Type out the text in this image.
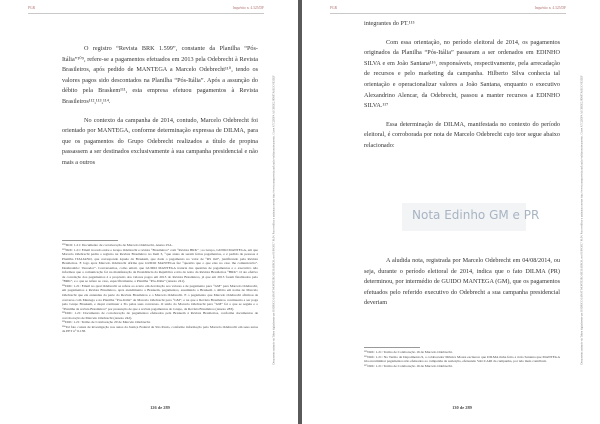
PGR	Inquérito n. 4.325/DF

O registro “Revista BRK 1.599”, constante da Planilha “Pós-Itália”¹⁰⁹, refere-se a pagamentos efetuados em 2013 pela Odebrecht à Revista Brasileiros, após pedido de MANTEGA a Marcelo Odebrecht¹¹⁰, tendo os valores pagos sido descontados na Planilha “Pós-Itália”. Após a assunção do débito pela Braskem¹¹¹, esta empresa efetuou pagamentos à Revista Brasileiros¹¹²,¹¹³,¹¹⁴.

No contexto da campanha de 2014, contudo, Marcelo Odebrecht foi orientado por MANTEGA, conforme determinação expressa de DILMA, para que os pagamentos do Grupo Odebrecht realizados a título de propina passassem a ser destinados exclusivamente à sua campanha presidencial e não mais a outros

¹⁰⁹DOC 1.21: Documento de corroboração de Marcelo Odebrecht, Anexo 25A.

¹¹⁰DOC 1.21: Email trocado entre o Grupo Odebrecht e revista “Brasileiros” com “Revista BRK” ; ao Grupo, GUIDO MANTEGA, em que Marcelo Odebrecht pediu o registro na Revista Brasileiros no Item 3, “que antes de serem feitos pagamentos, e é pedido de pessoas à Planilha ITALIANO, que corresponde àquele da Braskem, que dada o pagamento no valor de “RS mil”, justificando pela Revista Brasileiros. E logo após Marcelo Odebrecht afirma que GUIDO MANTEGA fez “questão que o que eles no caso lhe comunicarão”. Destinatário: Vereador”. Conversamos, como email, que GUIDO MANTEGA trataria das questões de pagamentos e o executivo não informou que a comunicação foi na manifestação da Presidência da República e não do texto da Revista Brasileiros “BRK”. O ato efetivo de correlação dos pagamentos é a propósito dos valores pagos em 2013 do Revista Brasileiros, já que em 2013 foram finalizados pelo “BRK”, e o que se refere ao caso, especificamente, a Planilha “Pós-Itália” (Anexo 241).

¹¹¹DOC 1.21: Email no qual Odebrecht se refere ao acerto em devolução aos valores e de pagamento para “GM” para Marcelo Odebrecht, em pagamentos a Revista Brasileiros, após atendimento a Braskem, pagamentos, assumindo a Braskem o débito em nome de Marcelo Odebrecht que ele entendeu da parte do Revista Brasileiros e o Marcelo Odebrecht. E o pagamento que Marcelo Odebrecht afirmou da conversa com Mantega e na Planilha “Pós-Itália” de Marcelo Odebrecht para “GM”, e na que a Revista Brasileiros continuaria a ser paga pelo Grupo Braskem, e daqui continuar a 3G pelas suas conversas. O saldo do Marcelo Odebrecht para “GM” foi o que se seguiu e o “Planilha da revista Brasileiros” por presunção de que a revista pagamentos do Grupo, da Revista Brasileiros (Anexo 283).

¹¹²DOC 1.21: Documento de corroboração de pagamentos efetuados pela Braskem à Revista Brasileiros, conforme documentos de corroboração de Marcelo Odebrecht (Anexo 242).

¹¹³DOC 1.21: Termo de Colaboração 20 de Marcelo Odebrecht.

¹¹⁴Tal fato consta de investigação nos autos da Justiça Federal de São Paulo, conforme informação pelo Marcelo Odebrecht em seus autos da PET n° 6.138.

126 de 289
Documento assinado via Token digitalmente por RODRIGO JANOT MONTEIRO DE BARROS, em 01/09/2017 18:54. Para verificar a assinatura acesse http://www.transparencia.mpf.mp.br/validacaodocumento. Chave A7C2D5F4.A1C6B3E2.9D8F7A6B.5C4E3D2F
PGR	Inquérito n. 4.325/DF

integrantes do PT.¹¹⁵

Com essa orientação, no período eleitoral de 2014, os pagamentos originados da Planilha “Pós-Itália” passaram a ser ordenados em EDINHO SILVA e em João Santana¹¹⁶, responsáveis, respectivamente, pela arrecadação de recursos e pelo marketing da campanha. Hilberto Silva conhecia tal orientação e operacionalizar valores a João Santana, enquanto o executivo Alexandrino Alencar, da Odebrecht, passou a manter recursos a EDINHO SILVA.¹¹⁷

Essa determinação de DILMA, manifestada no contexto do período eleitoral, é corroborada por nota de Marcelo Odebrecht cujo teor segue abaixo relacionado:

Nota Edinho GM e PR

A aludida nota, registrada por Marcelo Odebrecht em 04/08/2014, ou seja, durante o período eleitoral de 2014, indica que o fato DILMA (PR) determinou, por intermédio de GUIDO MANTEGA (GM), que os pagamentos efetuados pelo referido executivo do Odebrecht a sua campanha presidencial deveriam

¹¹⁵DOC 1.21: Termo de Colaboração 16 de Marcelo Odebrecht.

¹¹⁶DOC 1.21: No Termo de Depoimento 9, o colaborador Mônica Moura esclarece que DILMA tinha feito a João Santana que MANTEGA iria encaminhar pagamentos não efetuados ao campanha da reeleição, efetuando VACCARI da campanha, por não mais contribuir.

¹¹⁷DOC 1.21: Termo de Colaboração 16 de Marcelo Odebrecht.

130 de 289
Documento assinado via Token digitalmente por RODRIGO JANOT MONTEIRO DE BARROS, em 01/09/2017 18:54. Para verificar a assinatura acesse http://www.transparencia.mpf.mp.br/validacaodocumento. Chave A7C2D5F4.A1C6B3E2.9D8F7A6B.5C4E3D2F
